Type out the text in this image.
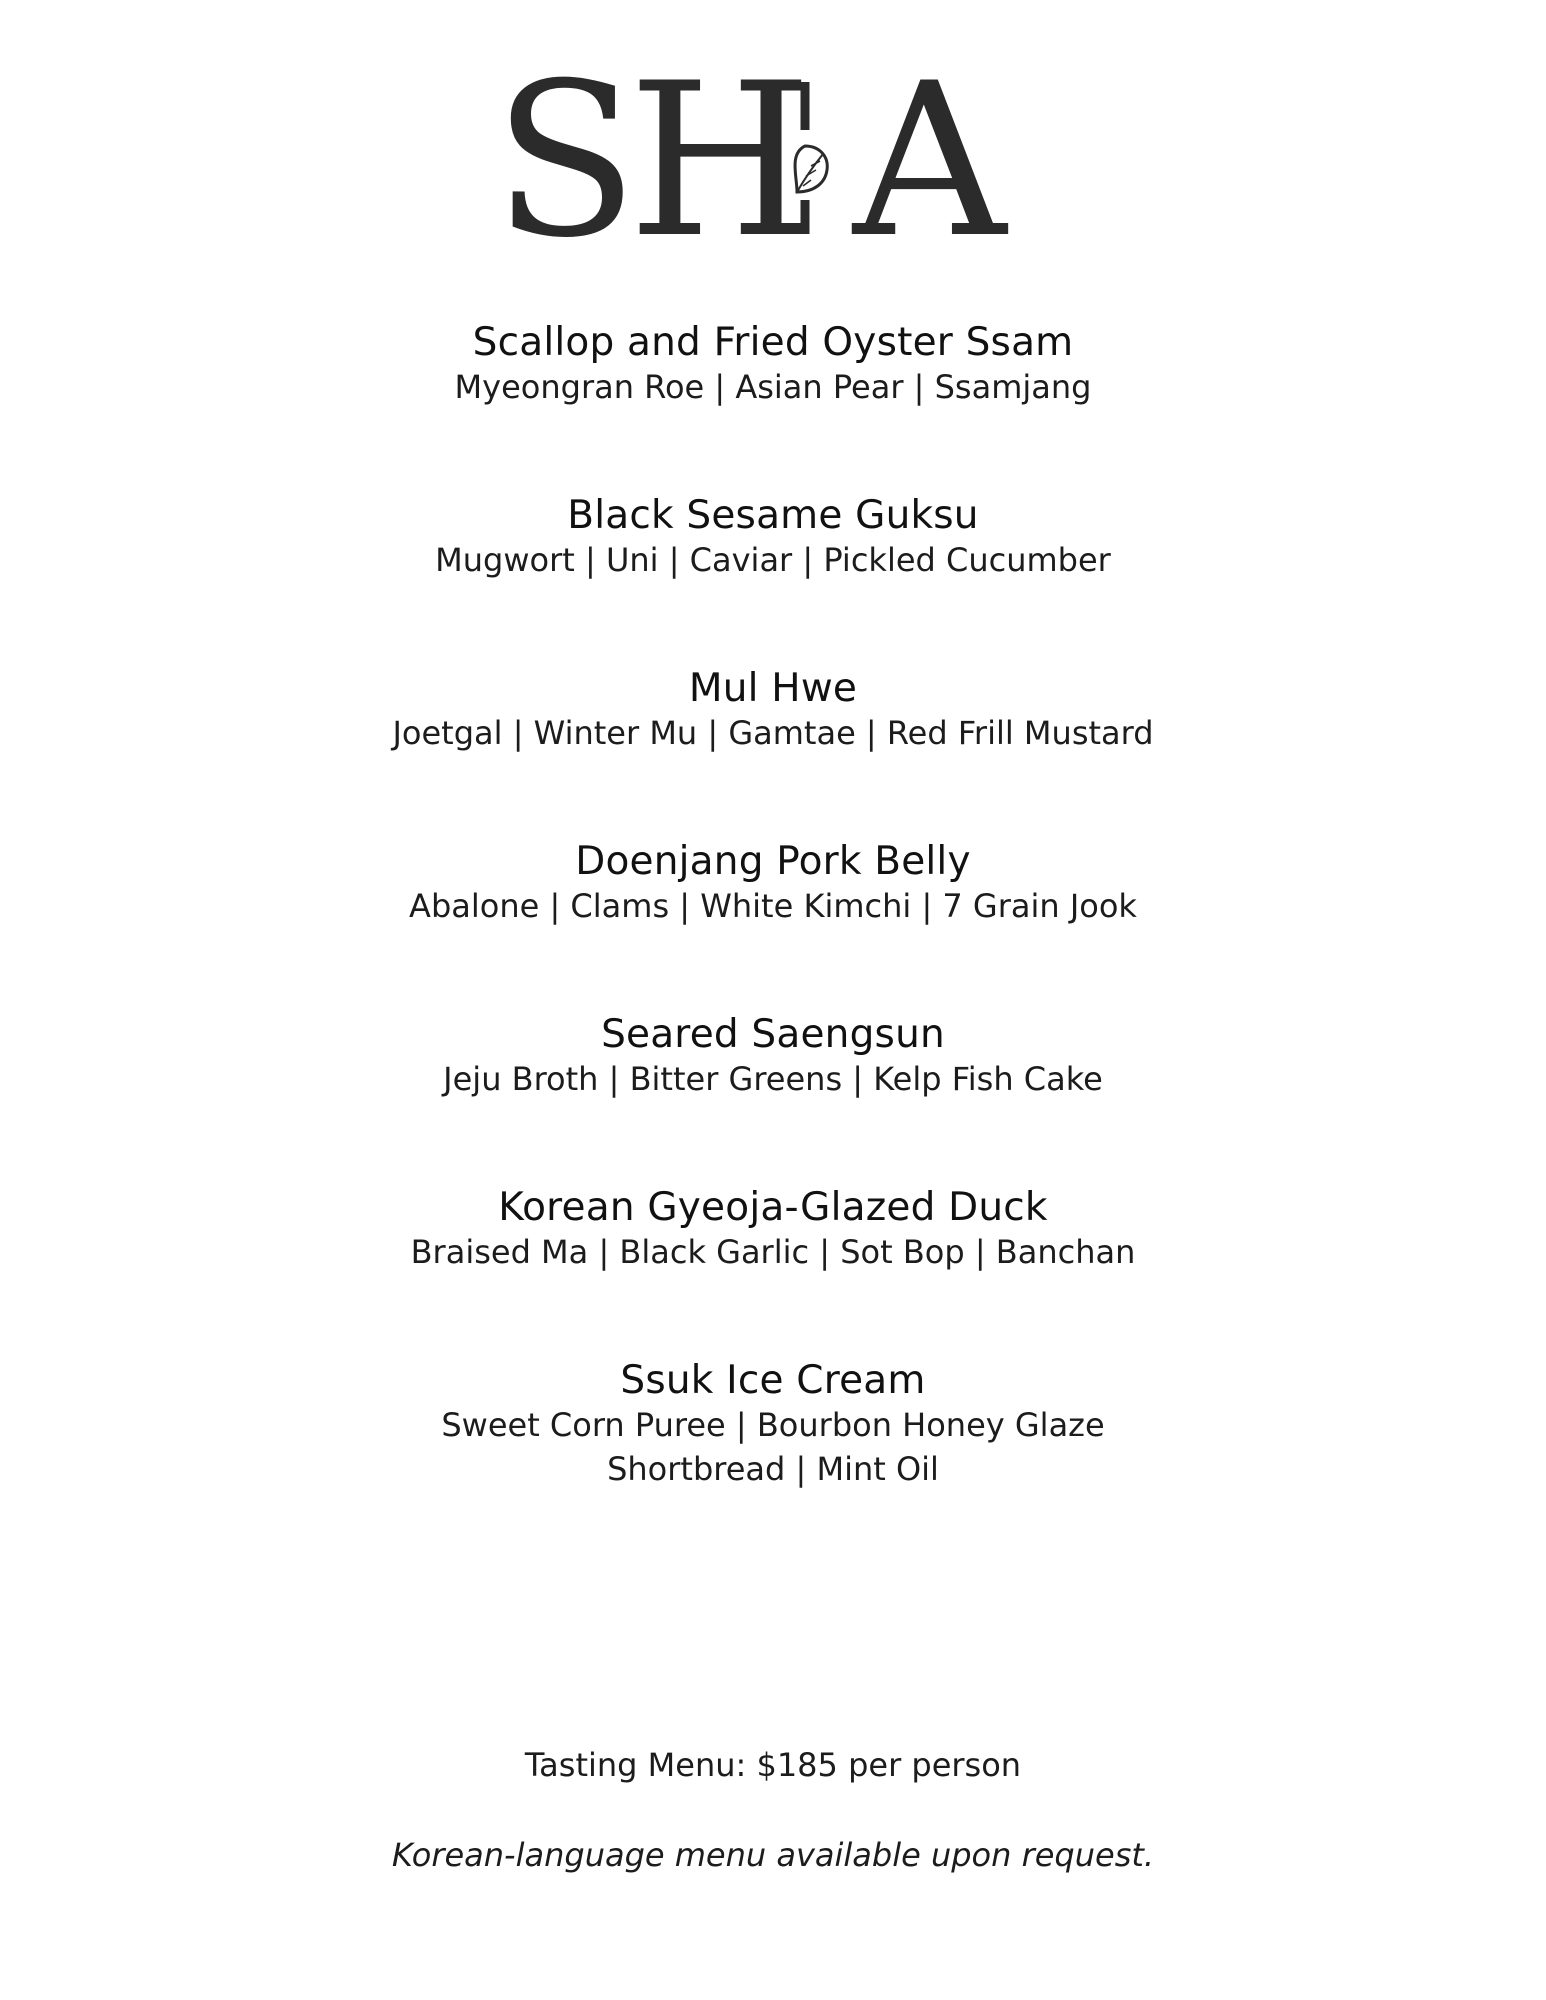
S
H A
Scallop and Fried Oyster Ssam
Myeongran Roe | Asian Pear | Ssamjang
Black Sesame Guksu
Mugwort | Uni | Caviar | Pickled Cucumber
Mul Hwe
Joetgal | Winter Mu | Gamtae | Red Frill Mustard
Doenjang Pork Belly
Abalone | Clams | White Kimchi | 7 Grain Jook
Seared Saengsun
Jeju Broth | Bitter Greens | Kelp Fish Cake
Korean Gyeoja-Glazed Duck
Braised Ma | Black Garlic | Sot Bop | Banchan
Ssuk Ice Cream
Sweet Corn Puree | Bourbon Honey Glaze
Shortbread | Mint Oil
Tasting Menu: $185 per person
Korean-language menu available upon request.
